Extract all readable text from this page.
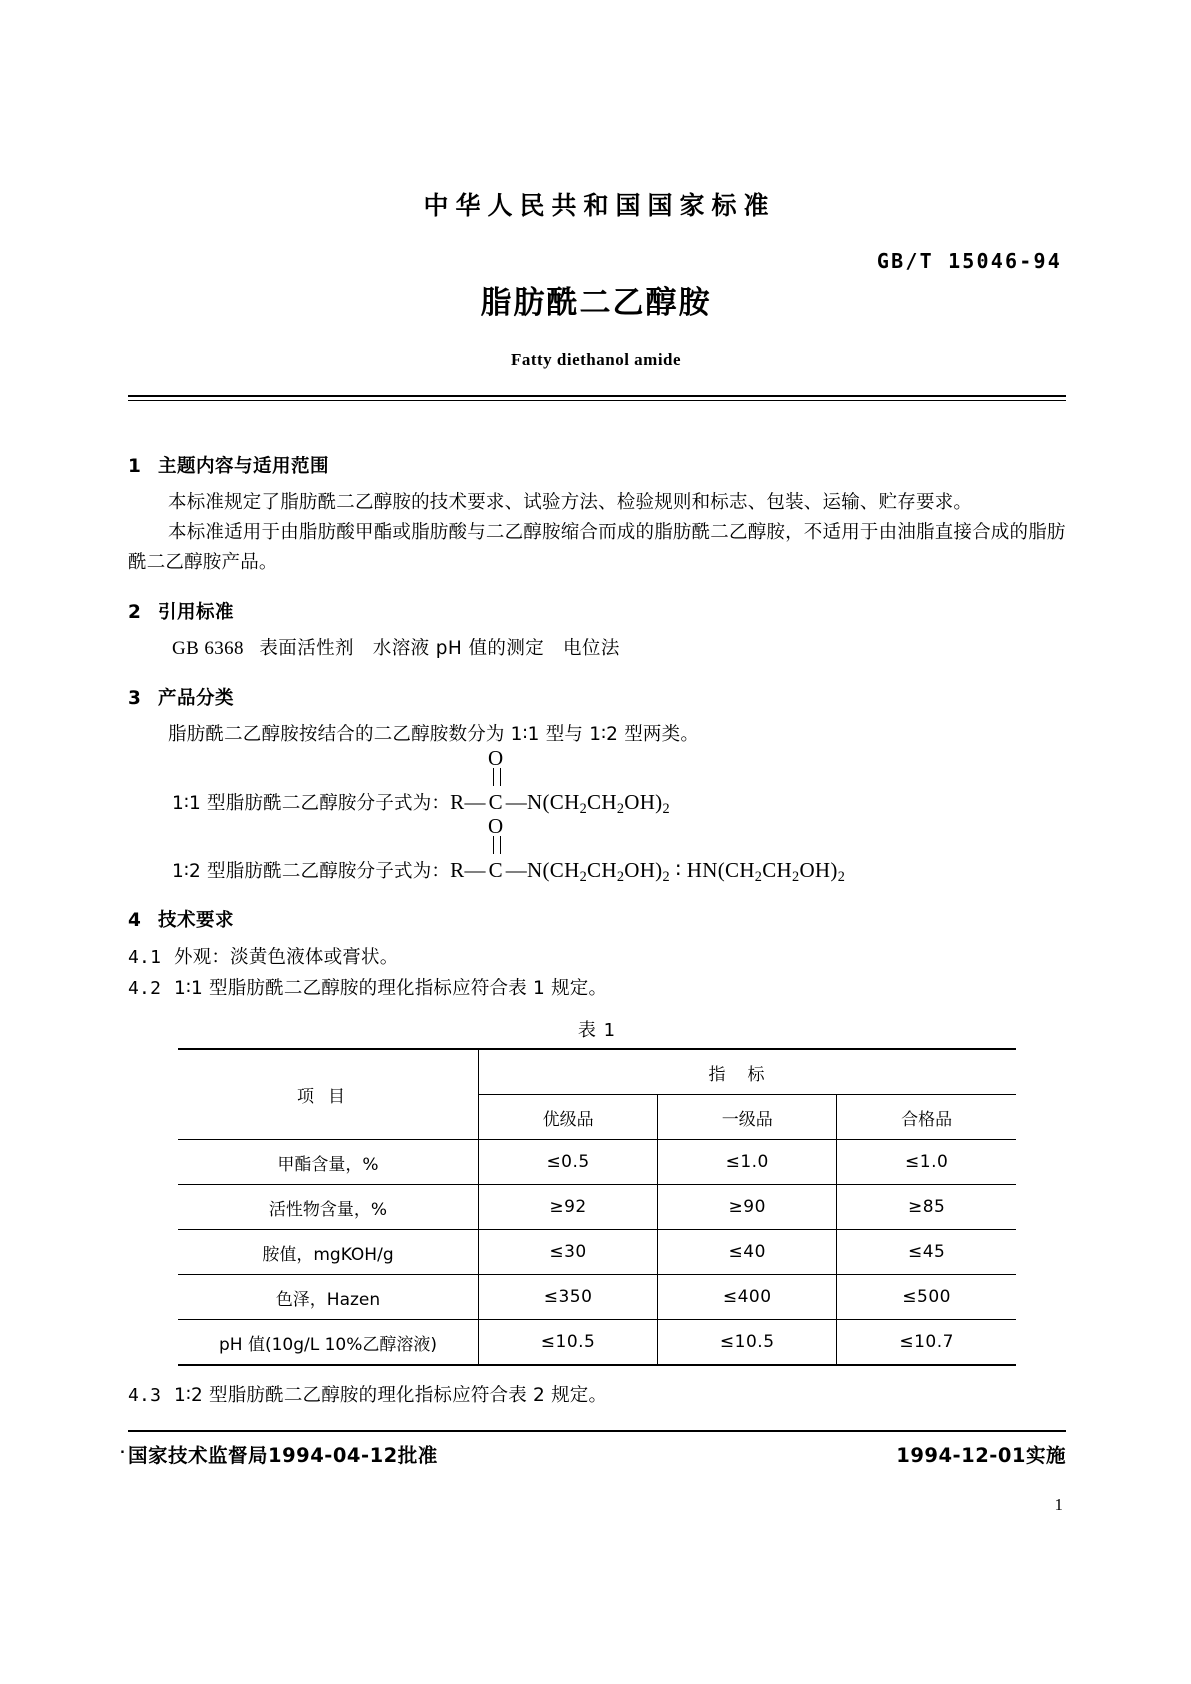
中华人民共和国国家标准
GB/T 15046-94
脂肪酰二乙醇胺
Fatty diethanol amide
1 主题内容与适用范围
本标准规定了脂肪酰二乙醇胺的技术要求、试验方法、检验规则和标志、包装、运输、贮存要求。
本标准适用于由脂肪酸甲酯或脂肪酸与二乙醇胺缩合而成的脂肪酰二乙醇胺，不适用于由油脂直接合成的脂肪酰二乙醇胺产品。
2 引用标准
GB 6368 表面活性剂　水溶液 pH 值的测定　电位法
3 产品分类
脂肪酰二乙醇胺按结合的二乙醇胺数分为 1∶1 型与 1∶2 型两类。
1∶1 型脂肪酰二乙醇胺分子式为：R—
O
C $—N(CH_2CH_2OH)_2$
1∶2 型脂肪酰二乙醇胺分子式为：R—
O
C $—N(CH_2CH_2OH)_2$ ∶ $HN(CH_2CH_2OH)_2$
4 技术要求
4.1 外观：淡黄色液体或膏状。
4.2 1∶1 型脂肪酰二乙醇胺的理化指标应符合表 1 规定。
表 1
项目	指标		
	优级品	一级品	合格品
甲酯含量，%	≤0.5	≤1.0	≤1.0
活性物含量，%	≥92	≥90	≥85
胺值，mgKOH/g	≤30	≤40	≤45
色泽，Hazen	≤350	≤400	≤500
pH 值(10g/L 10%乙醇溶液)	≤10.5	≤10.5	≤10.7
4.3 1∶2 型脂肪酰二乙醇胺的理化指标应符合表 2 规定。
. 国家技术监督局1994-04-12批准	1994-12-01实施
1
